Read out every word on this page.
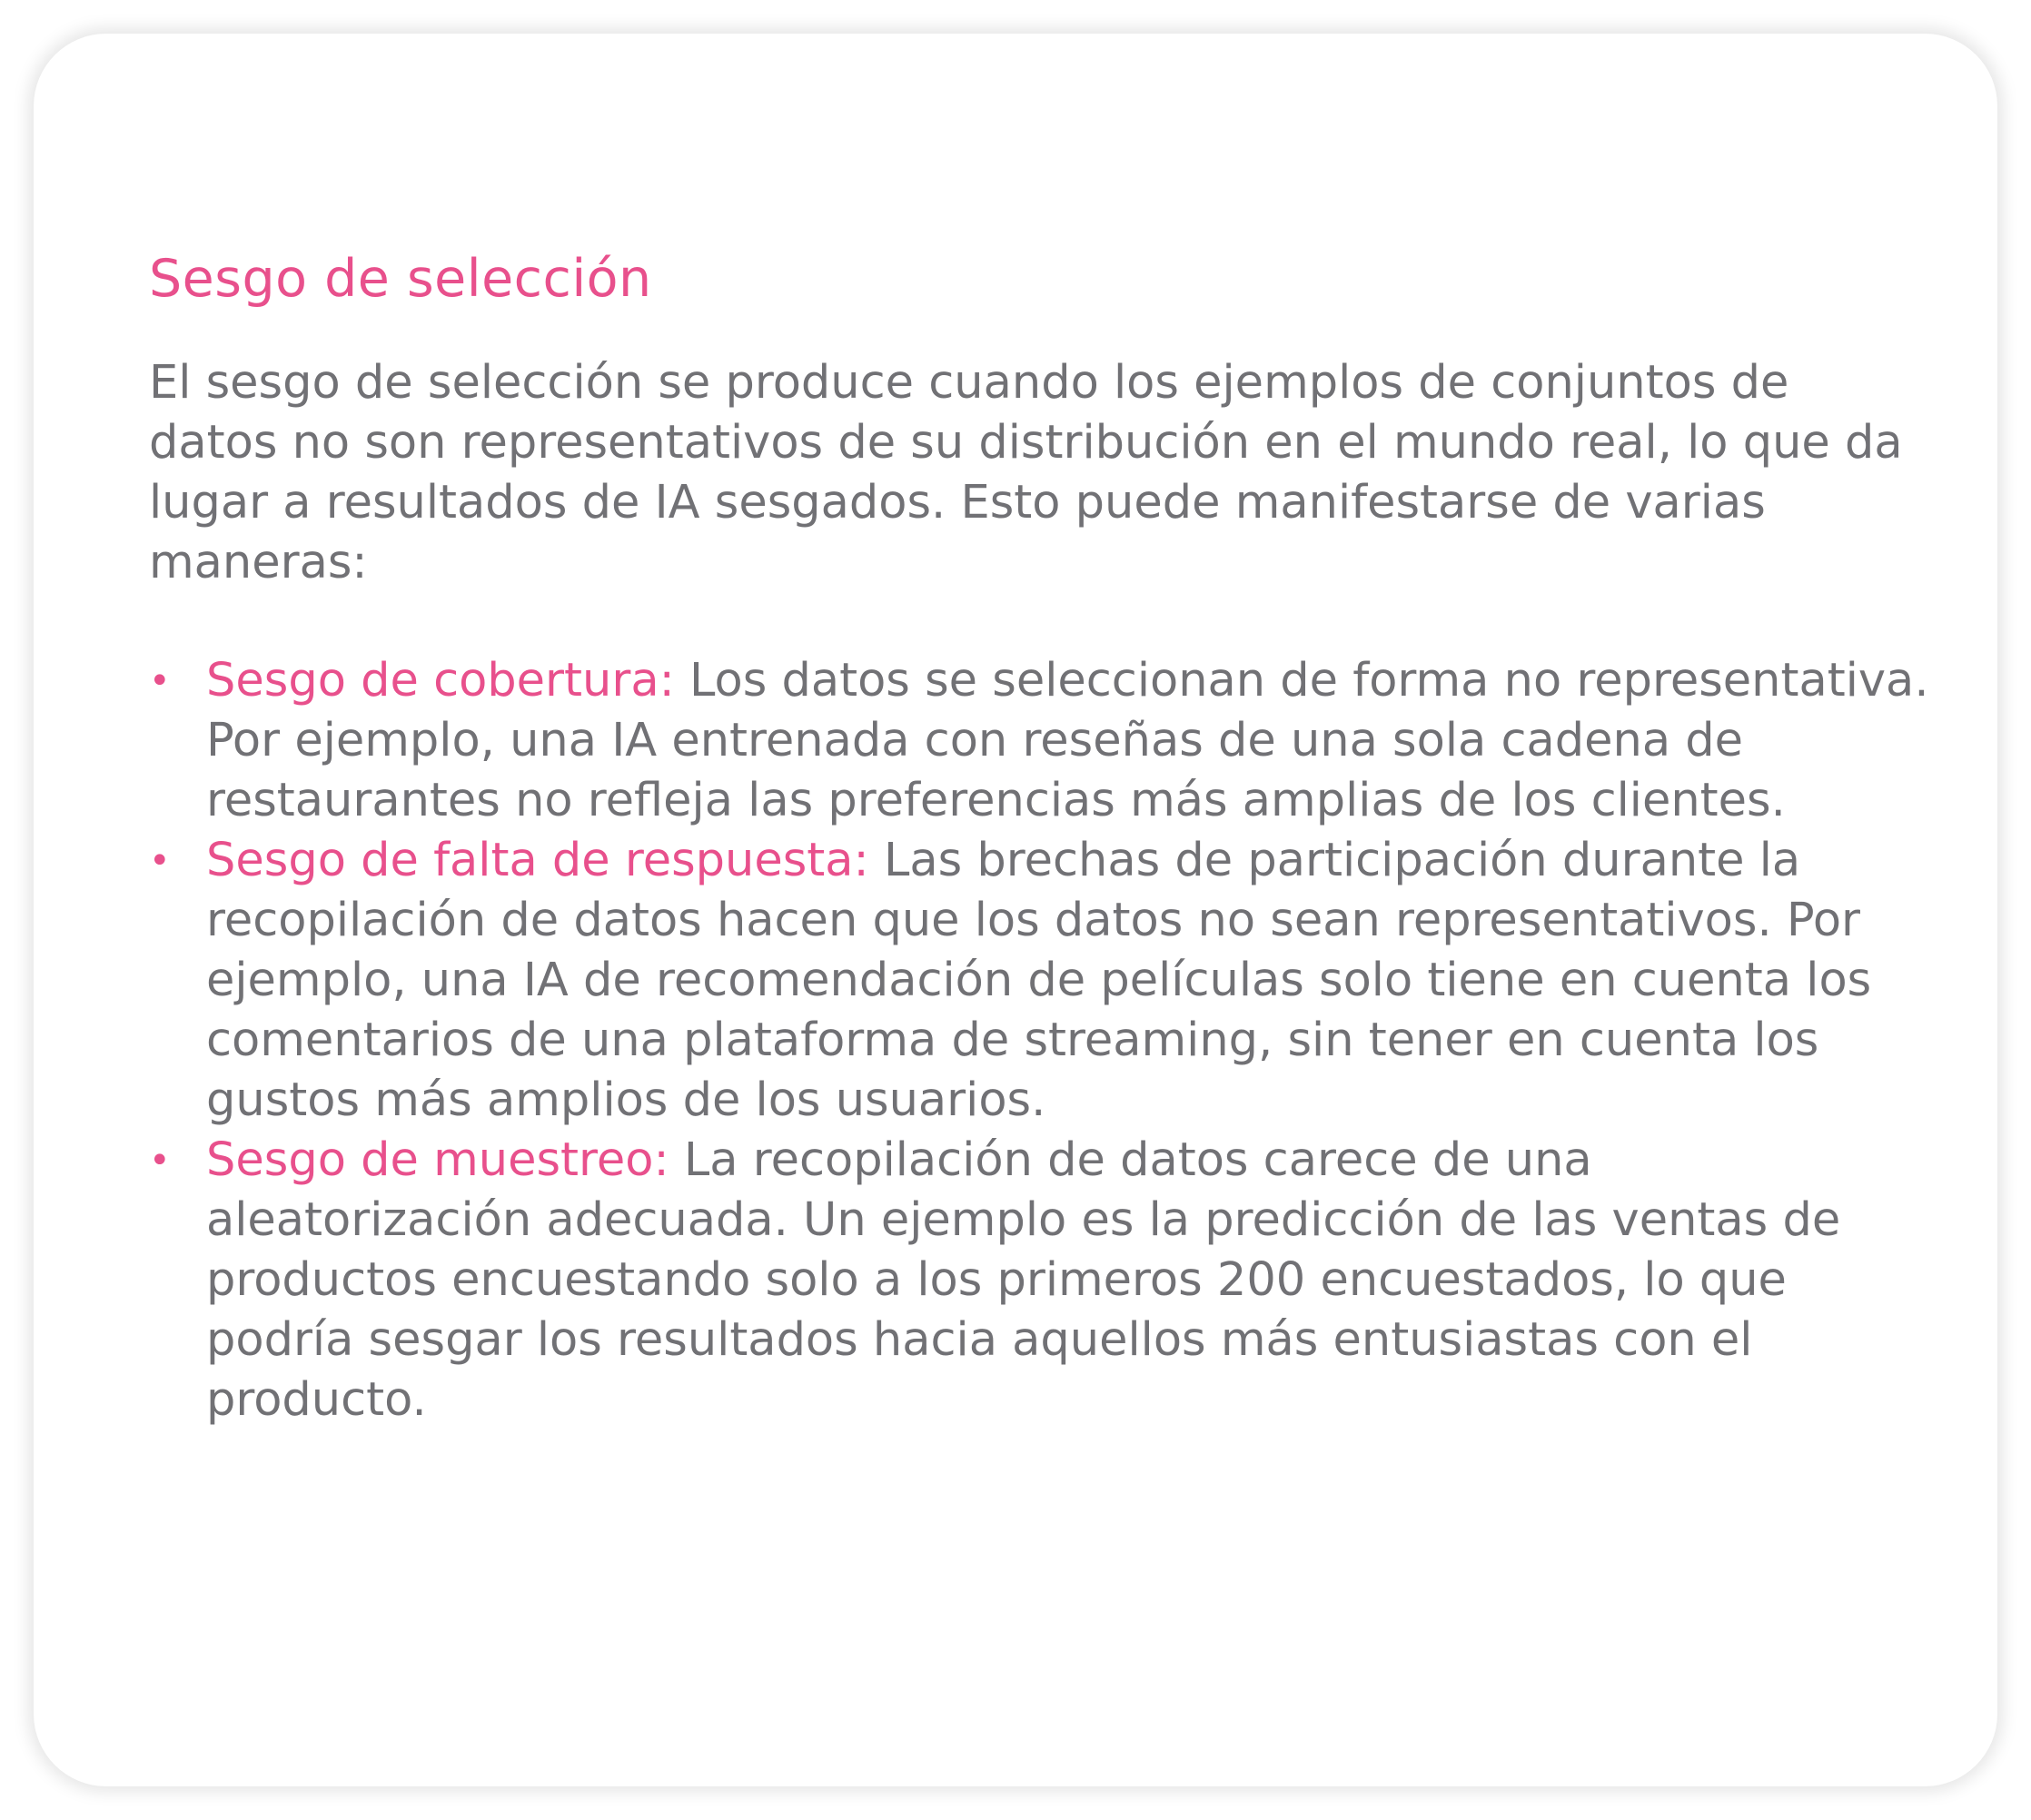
Sesgo de selección

El sesgo de selección se produce cuando los ejemplos de conjuntos de datos no son representativos de su distribución en el mundo real, lo que da lugar a resultados de IA sesgados. Esto puede manifestarse de varias maneras:

• Sesgo de cobertura: Los datos se seleccionan de forma no representativa. Por ejemplo, una IA entrenada con reseñas de una sola cadena de restaurantes no refleja las preferencias más amplias de los clientes.
• Sesgo de falta de respuesta: Las brechas de participación durante la recopilación de datos hacen que los datos no sean representativos. Por ejemplo, una IA de recomendación de películas solo tiene en cuenta los comentarios de una plataforma de streaming, sin tener en cuenta los gustos más amplios de los usuarios.
• Sesgo de muestreo: La recopilación de datos carece de una aleatorización adecuada. Un ejemplo es la predicción de las ventas de productos encuestando solo a los primeros 200 encuestados, lo que podría sesgar los resultados hacia aquellos más entusiastas con el producto.
